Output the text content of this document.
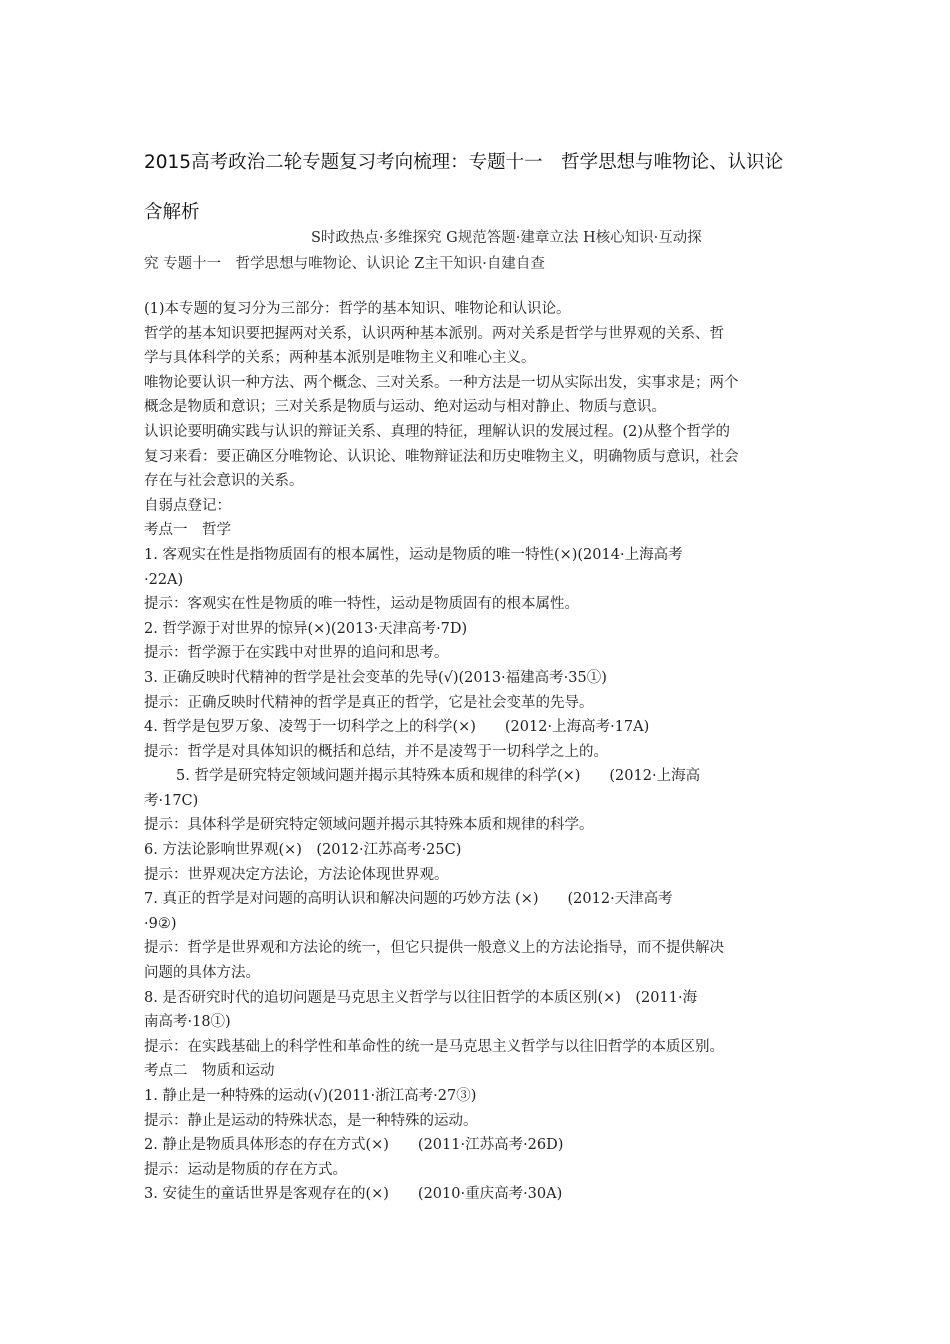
2015高考政治二轮专题复习考向梳理：专题十一　哲学思想与唯物论、认识论
含解析
S时政热点·多维探究 G规范答题·建章立法 H核心知识·互动探
究 专题十一　哲学思想与唯物论、认识论 Z主干知识·自建自查
(1)本专题的复习分为三部分：哲学的基本知识、唯物论和认识论。
哲学的基本知识要把握两对关系，认识两种基本派别。两对关系是哲学与世界观的关系、哲
学与具体科学的关系；两种基本派别是唯物主义和唯心主义。
唯物论要认识一种方法、两个概念、三对关系。一种方法是一切从实际出发，实事求是；两个
概念是物质和意识；三对关系是物质与运动、绝对运动与相对静止、物质与意识。
认识论要明确实践与认识的辩证关系、真理的特征，理解认识的发展过程。(2)从整个哲学的
复习来看：要正确区分唯物论、认识论、唯物辩证法和历史唯物主义，明确物质与意识，社会
存在与社会意识的关系。
自弱点登记：
考点一　哲学
1. 客观实在性是指物质固有的根本属性，运动是物质的唯一特性(×)(2014·上海高考
·22A)
提示：客观实在性是物质的唯一特性，运动是物质固有的根本属性。
2. 哲学源于对世界的惊异(×)(2013·天津高考·7D)
提示：哲学源于在实践中对世界的追问和思考。
3. 正确反映时代精神的哲学是社会变革的先导(√)(2013·福建高考·35①)
提示：正确反映时代精神的哲学是真正的哲学，它是社会变革的先导。
4. 哲学是包罗万象、凌驾于一切科学之上的科学(×)　　(2012·上海高考·17A)
提示：哲学是对具体知识的概括和总结，并不是凌驾于一切科学之上的。
5. 哲学是研究特定领域问题并揭示其特殊本质和规律的科学(×)　　(2012·上海高
考·17C)
提示：具体科学是研究特定领域问题并揭示其特殊本质和规律的科学。
6. 方法论影响世界观(×)　(2012·江苏高考·25C)
提示：世界观决定方法论，方法论体现世界观。
7. 真正的哲学是对问题的高明认识和解决问题的巧妙方法 (×)　　(2012·天津高考
·9②)
提示：哲学是世界观和方法论的统一，但它只提供一般意义上的方法论指导，而不提供解决
问题的具体方法。
8. 是否研究时代的追切问题是马克思主义哲学与以往旧哲学的本质区别(×)　(2011·海
南高考·18①)
提示：在实践基础上的科学性和革命性的统一是马克思主义哲学与以往旧哲学的本质区别。
考点二　物质和运动
1. 静止是一种特殊的运动(√)(2011·浙江高考·27③)
提示：静止是运动的特殊状态，是一种特殊的运动。
2. 静止是物质具体形态的存在方式(×)　　(2011·江苏高考·26D)
提示：运动是物质的存在方式。
3. 安徒生的童话世界是客观存在的(×)　　(2010·重庆高考·30A)
